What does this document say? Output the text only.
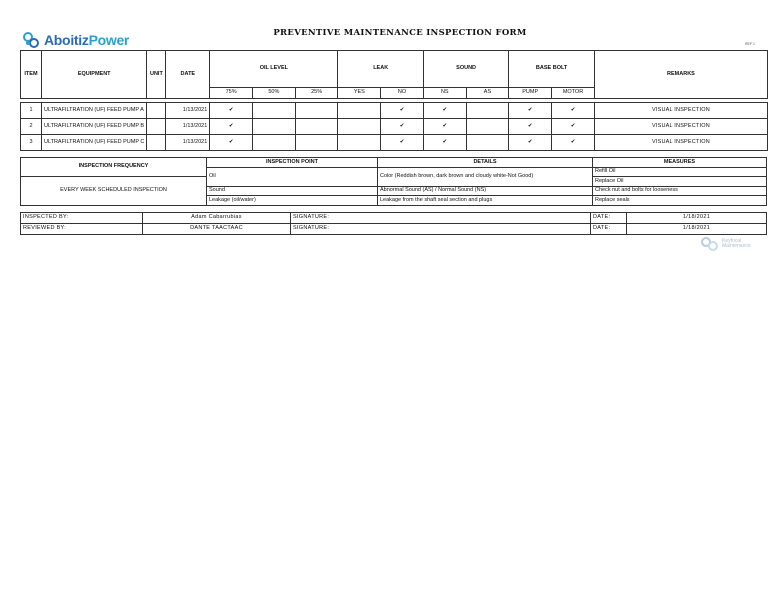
AboitizPower	PREVENTIVE MAINTENANCE INSPECTION FORM
REF 1
ITEM	EQUIPMENT	UNIT	DATE	OIL LEVEL			LEAK		SOUND		BASE BOLT		REMARKS
				75%	50%	25%	YES	NO	NS	AS	PUMP	MOTOR	

1	ULTRAFILTRATION (UF) FEED PUMP A		1/13/2021	✔				✔	✔		✔	✔	VISUAL INSPECTION
2	ULTRAFILTRATION (UF) FEED PUMP B		1/13/2021	✔				✔	✔		✔	✔	VISUAL INSPECTION
3	ULTRAFILTRATION (UF) FEED PUMP C		1/13/2021	✔				✔	✔		✔	✔	VISUAL INSPECTION
INSPECTION FREQUENCY	INSPECTION POINT	DETAILS	MEASURES
	Oil	Color (Reddish brown, dark brown and cloudy white-Not Good)	Refill Oil
EVERY WEEK SCHEDULED INSPECTION			Replace Oil
	Sound	Abnormal Sound (AS) / Normal Sound (NS)	Check nut and bolts for looseness
	Leakage (oil/water)	Leakage from the shaft seal section and plugs	Replace seals
INSPECTED BY:	Adam Cabarrubias	SIGNATURE:	DATE:	1/18/2021
REVIEWED BY:	DANTE TAACTAAC	SIGNATURE:	DATE:	1/18/2021
Keyfocal
Maintenance
